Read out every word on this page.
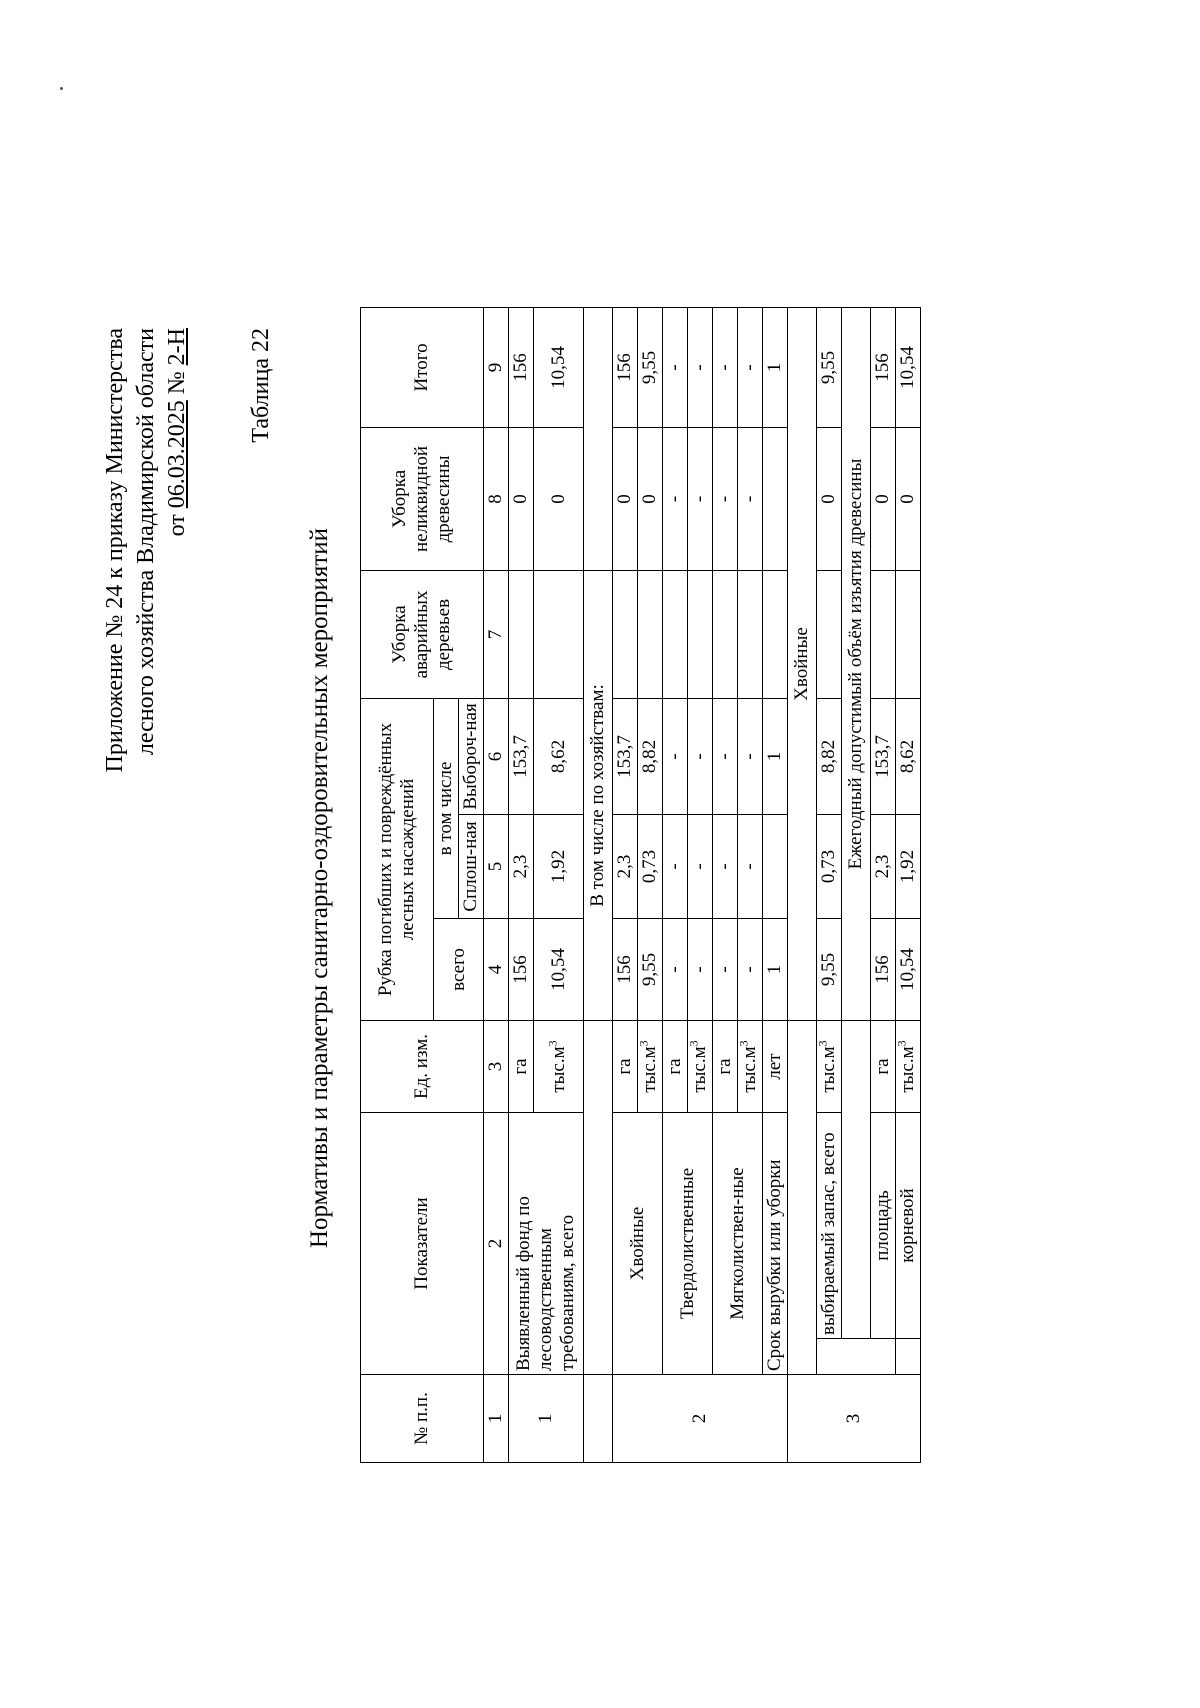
Приложение № 24 к приказу Министерства лесного хозяйства Владимирской области от 06.03.2025 № 2-Н Таблица 22
Нормативы и параметры санитарно-оздоровительных мероприятий
№ п.п.	Показатели		Ед. изм.	Рубка погибших и повреждённых лесных насаждений			Уборка аварийных деревьев	Уборка неликвидной древесины	Итого
				всего	в том числе				
					Сплош-ная	Выбороч-ная			
1	2		3	4	5	6	7	8	9
1	Выявленный фонд по лесоводственным требованиям, всего		га	156	2,3	153,7		0	156
			$тыс.м^3$	10,54	1,92	8,62		0	10,54
				В том числе по хозяйствам:					
2	Хвойные		га	156	2,3	153,7		0	156
			$тыс.м^3$	9,55	0,73	8,82		0	9,55
	Твердолиственные		га	-	-	-		-	-
			$тыс.м^3$	-	-	-		-	-
	Мягколиствен-ные		га	-	-	-		-	-
			$тыс.м^3$	-	-	-		-	-
	Срок вырубки или уборки		лет	1		1			1
3				Хвойные					
		выбираемый запас, всего	$тыс.м^3$	9,55	0,73	8,82		0	9,55
				Ежегодный допустимый объём изъятия древесины					
		площадь	га	156	2,3	153,7		0	156
		корневой	$тыс.м^3$	10,54	1,92	8,62		0	10,54
